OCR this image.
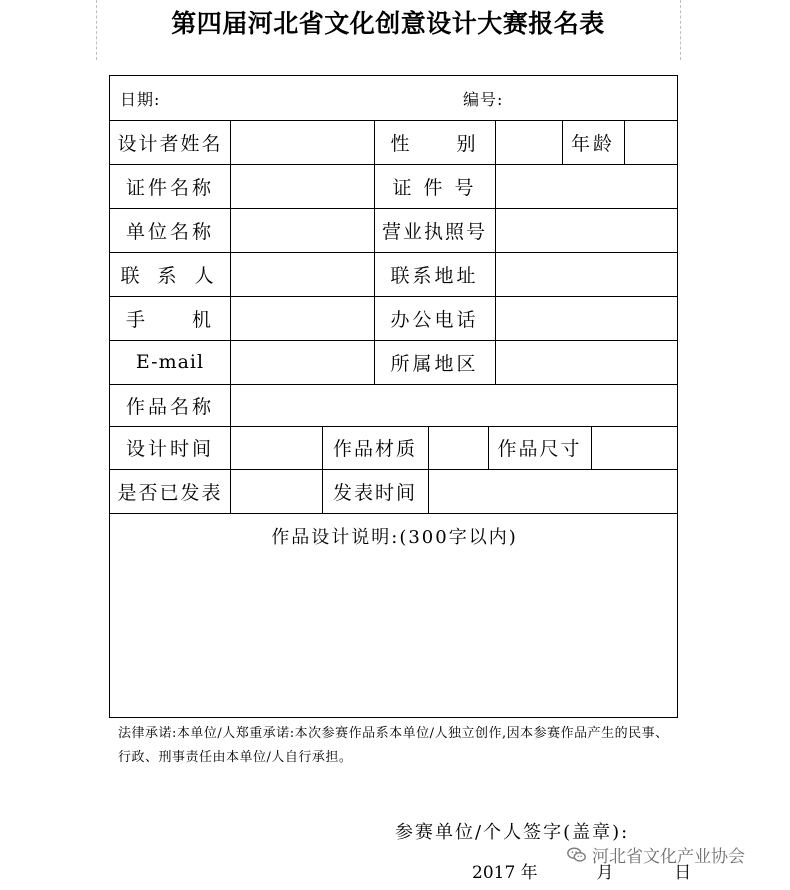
第四届河北省文化创意设计大赛报名表
日期:	编号:
设计者姓名	性　　别	年龄
证件名称	证 件 号
单位名称	营业执照号
联 系 人	联系地址
手　　机	办公电话
E-mail	所属地区
作品名称
设计时间	作品材质	作品尺寸
是否已发表	发表时间
作品设计说明:(300字以内)
法律承诺:本单位/人郑重承诺:本次参赛作品系本单位/人独立创作,因本参赛作品产生的民事、行政、刑事责任由本单位/人自行承担。
参赛单位/个人签字(盖章):
2017 年	月	日
河北省文化产业协会
